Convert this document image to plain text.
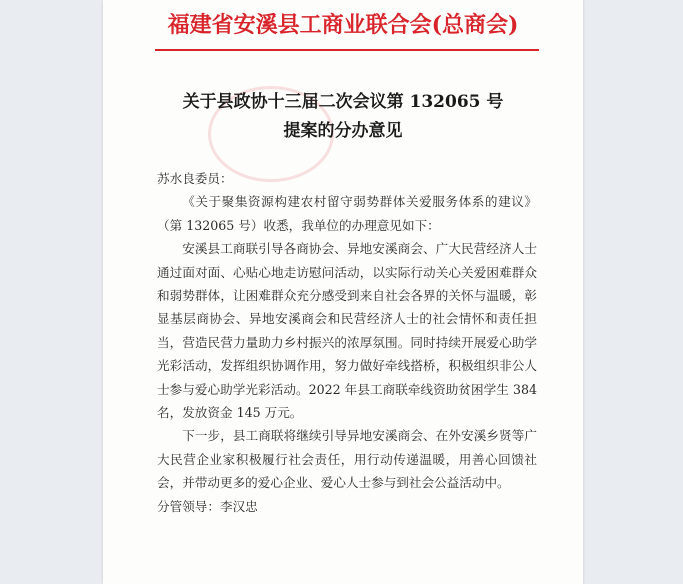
福建省安溪县工商业联合会(总商会)
关于县政协十三届二次会议第 132065 号
提案的分办意见

苏水良委员：

《关于聚集资源构建农村留守弱势群体关爱服务体系的建议》（第 132065 号）收悉，我单位的办理意见如下：

安溪县工商联引导各商协会、异地安溪商会、广大民营经济人士通过面对面、心贴心地走访慰问活动，以实际行动关心关爱困难群众和弱势群体，让困难群众充分感受到来自社会各界的关怀与温暖，彰显基层商协会、异地安溪商会和民营经济人士的社会情怀和责任担当，营造民营力量助力乡村振兴的浓厚氛围。同时持续开展爱心助学光彩活动，发挥组织协调作用，努力做好牵线搭桥，积极组织非公人士参与爱心助学光彩活动。2022 年县工商联牵线资助贫困学生 384 名，发放资金 145 万元。

下一步，县工商联将继续引导异地安溪商会、在外安溪乡贤等广大民营企业家积极履行社会责任，用行动传递温暖，用善心回馈社会，并带动更多的爱心企业、爱心人士参与到社会公益活动中。

分管领导：李汉忠
